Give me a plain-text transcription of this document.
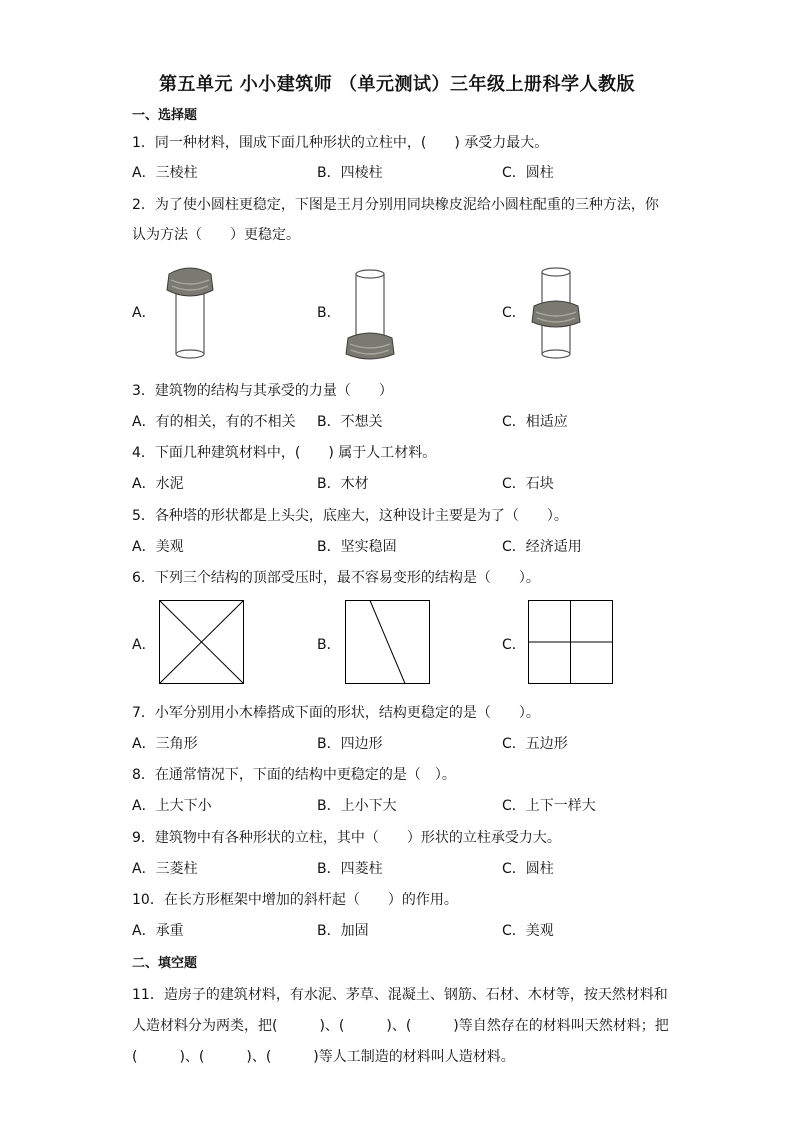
第五单元 小小建筑师 （单元测试）三年级上册科学人教版
一、选择题
1．同一种材料，围成下面几种形状的立柱中，(　　) 承受力最大。
A．三棱柱	B．四棱柱	C．圆柱
2．为了使小圆柱更稳定，下图是王月分别用同块橡皮泥给小圆柱配重的三种方法，你
认为方法（　　）更稳定。
A．	B．	C．
3．建筑物的结构与其承受的力量（　　）
A．有的相关，有的不相关 B．不想关	C．相适应
4．下面几种建筑材料中，(　　) 属于人工材料。
A．水泥	B．木材	C．石块
5．各种塔的形状都是上头尖，底座大，这种设计主要是为了（　　）。
A．美观	B．坚实稳固	C．经济适用
6．下列三个结构的顶部受压时，最不容易变形的结构是（　　）。
A．	B．	C．
7．小军分别用小木棒搭成下面的形状，结构更稳定的是（　　）。
A．三角形	B．四边形	C．五边形
8．在通常情况下，下面的结构中更稳定的是（　）。
A．上大下小	B．上小下大	C．上下一样大
9．建筑物中有各种形状的立柱，其中（　　）形状的立柱承受力大。
A．三菱柱	B．四菱柱	C．圆柱
10．在长方形框架中增加的斜杆起（　　）的作用。
A．承重	B．加固	C．美观
二、填空题
11．造房子的建筑材料，有水泥、茅草、混凝土、钢筋、石材、木材等，按天然材料和
人造材料分为两类，把(　　　)、(　　　)、(　　　)等自然存在的材料叫天然材料；把
(　　　)、(　　　)、(　　　)等人工制造的材料叫人造材料。
